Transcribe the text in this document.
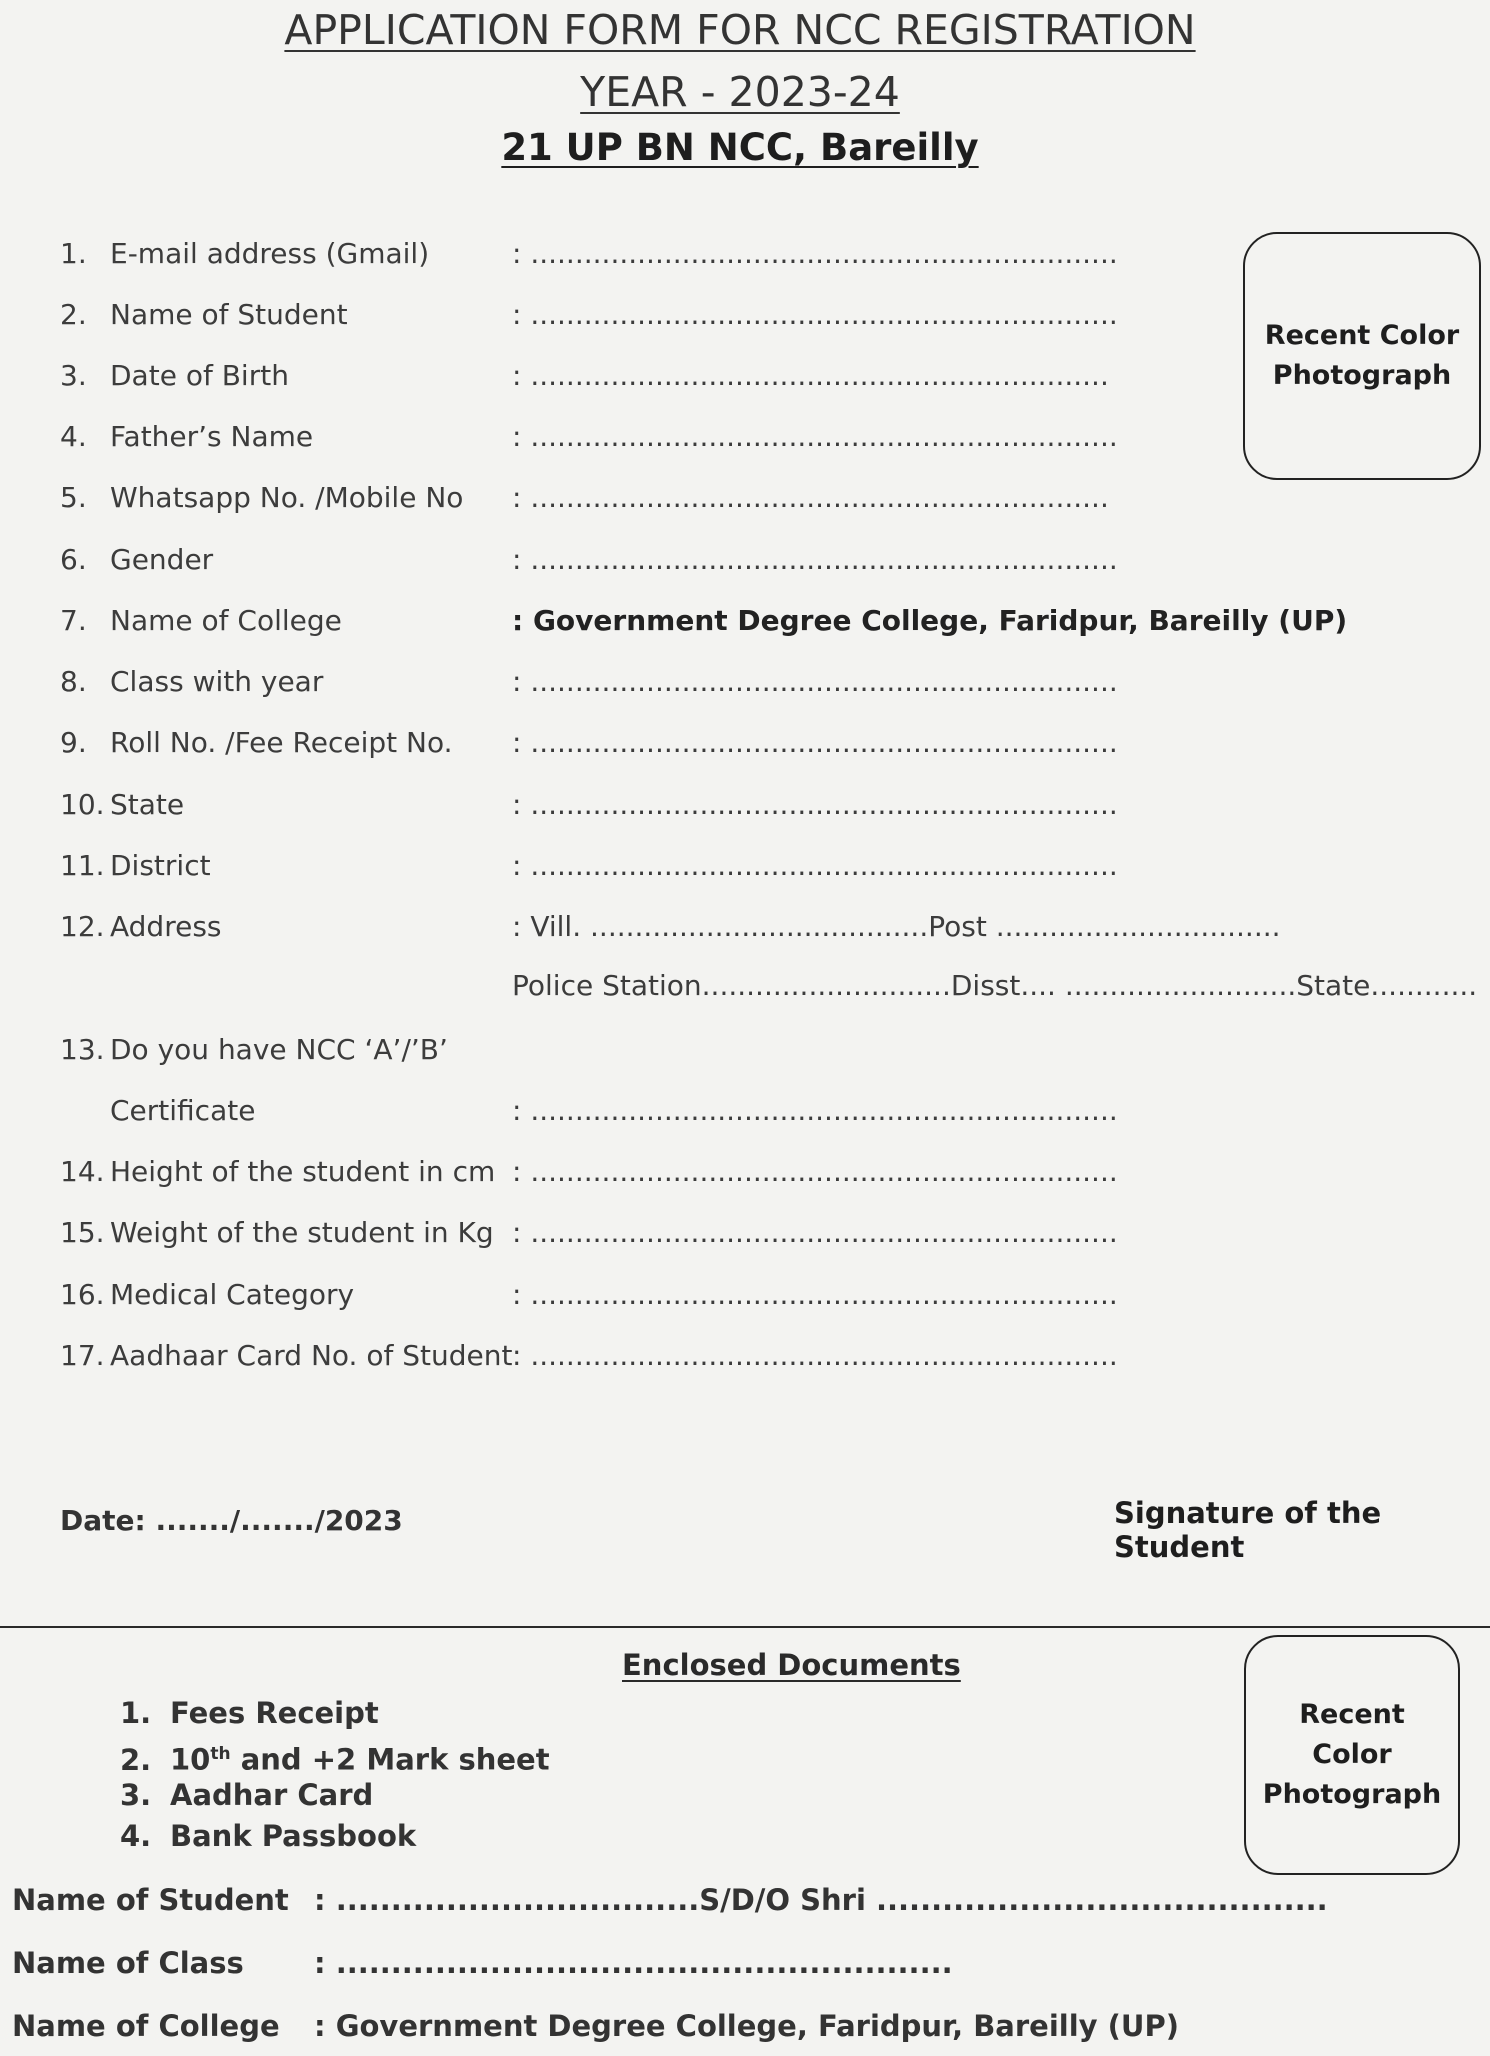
APPLICATION FORM FOR NCC REGISTRATION
YEAR - 2023-24
21 UP BN NCC, Bareilly
Recent Color
Photograph
1. E-mail address (Gmail)	: ..................................................................
2. Name of Student	: ..................................................................
3. Date of Birth	: .................................................................
4. Father’s Name	: ..................................................................
5. Whatsapp No. /Mobile No : .................................................................
6. Gender	: ..................................................................
7. Name of College	: Government Degree College, Faridpur, Bareilly (UP)
8. Class with year	: ..................................................................
9. Roll No. /Fee Receipt No. : ..................................................................
10. State	: ..................................................................
11. District	: ..................................................................
12. Address	: Vill. ......................................Post ................................
Police Station............................Disst.... ..........................State............
13. Do you have NCC ‘A’/’B’
Certificate	: ..................................................................
14. Height of the student in cm : ..................................................................
15. Weight of the student in Kg : ..................................................................
16. Medical Category	: ..................................................................
17. Aadhaar Card No. of Student : ..................................................................
Date: ......./......./2023	Signature of the Student
Enclosed Documents
1. Fees Receipt
2. 10th and +2 Mark sheet
3. Aadhar Card
4. Bank Passbook
Recent
Color
Photograph
Name of Student : .................................S/D/O Shri .........................................
Name of Class : ........................................................
Name of College : Government Degree College, Faridpur, Bareilly (UP)
